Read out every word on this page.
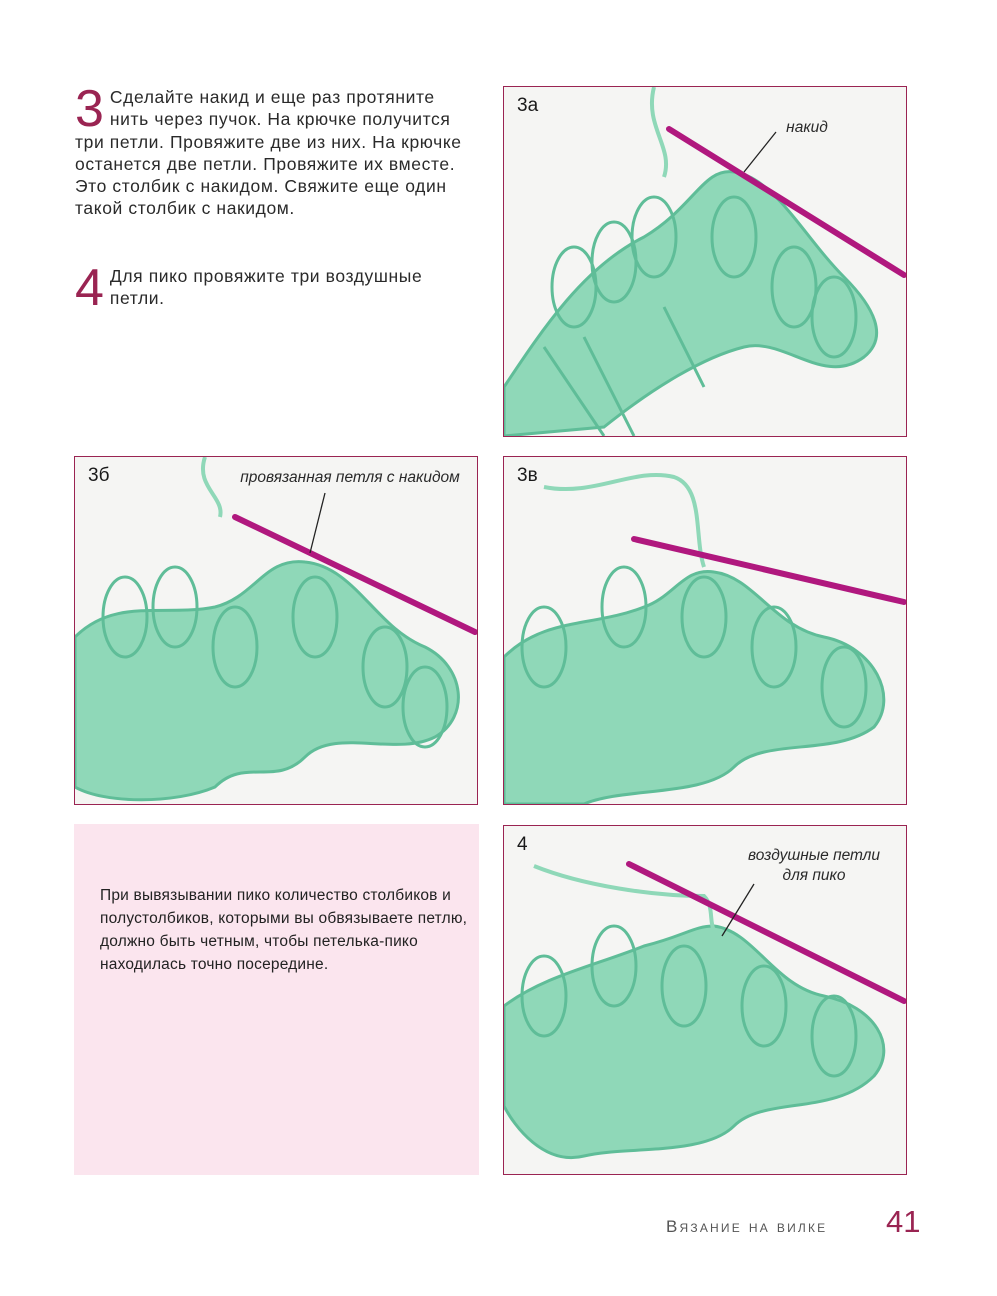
3 Сделайте накид и еще раз протяните нить через пучок. На крючке получится три петли. Провяжите две из них. На крючке останется две петли. Провяжите их вместе. Это столбик с накидом. Свяжите еще один такой столбик с накидом.
4 Для пико провяжите три воздушные петли.
3а
накид
3б	провязанная петля с накидом	3в
4
воздушные петли
для пико
При вывязывании пико количество столбиков и полустолбиков, которыми вы обвязываете петлю, должно быть четным, чтобы петелька-пико находилась точно посередине.
Вязание на вилке 41
